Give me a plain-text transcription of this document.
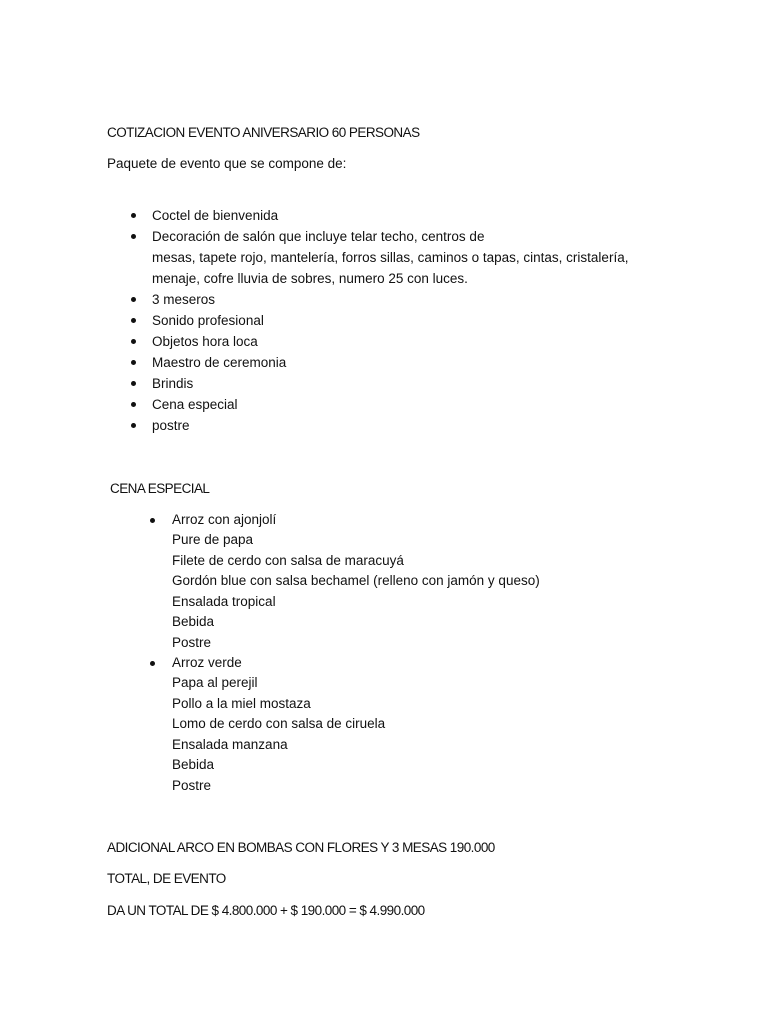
COTIZACION EVENTO ANIVERSARIO 60 PERSONAS

Paquete de evento que se compone de:

Coctel de bienvenida
Decoración de salón que incluye telar techo, centros de
mesas, tapete rojo, mantelería, forros sillas, caminos o tapas, cintas, cristalería,
menaje, cofre lluvia de sobres, numero 25 con luces.
3 meseros
Sonido profesional
Objetos hora loca
Maestro de ceremonia
Brindis
Cena especial
postre

CENA ESPECIAL

Arroz con ajonjolí
Pure de papa
Filete de cerdo con salsa de maracuyá
Gordón blue con salsa bechamel (relleno con jamón y queso)
Ensalada tropical
Bebida
Postre
Arroz verde
Papa al perejil
Pollo a la miel mostaza
Lomo de cerdo con salsa de ciruela
Ensalada manzana
Bebida
Postre

ADICIONAL ARCO EN BOMBAS CON FLORES Y 3 MESAS 190.000

TOTAL, DE EVENTO

DA UN TOTAL DE $ 4.800.000 + $ 190.000 = $ 4.990.000
